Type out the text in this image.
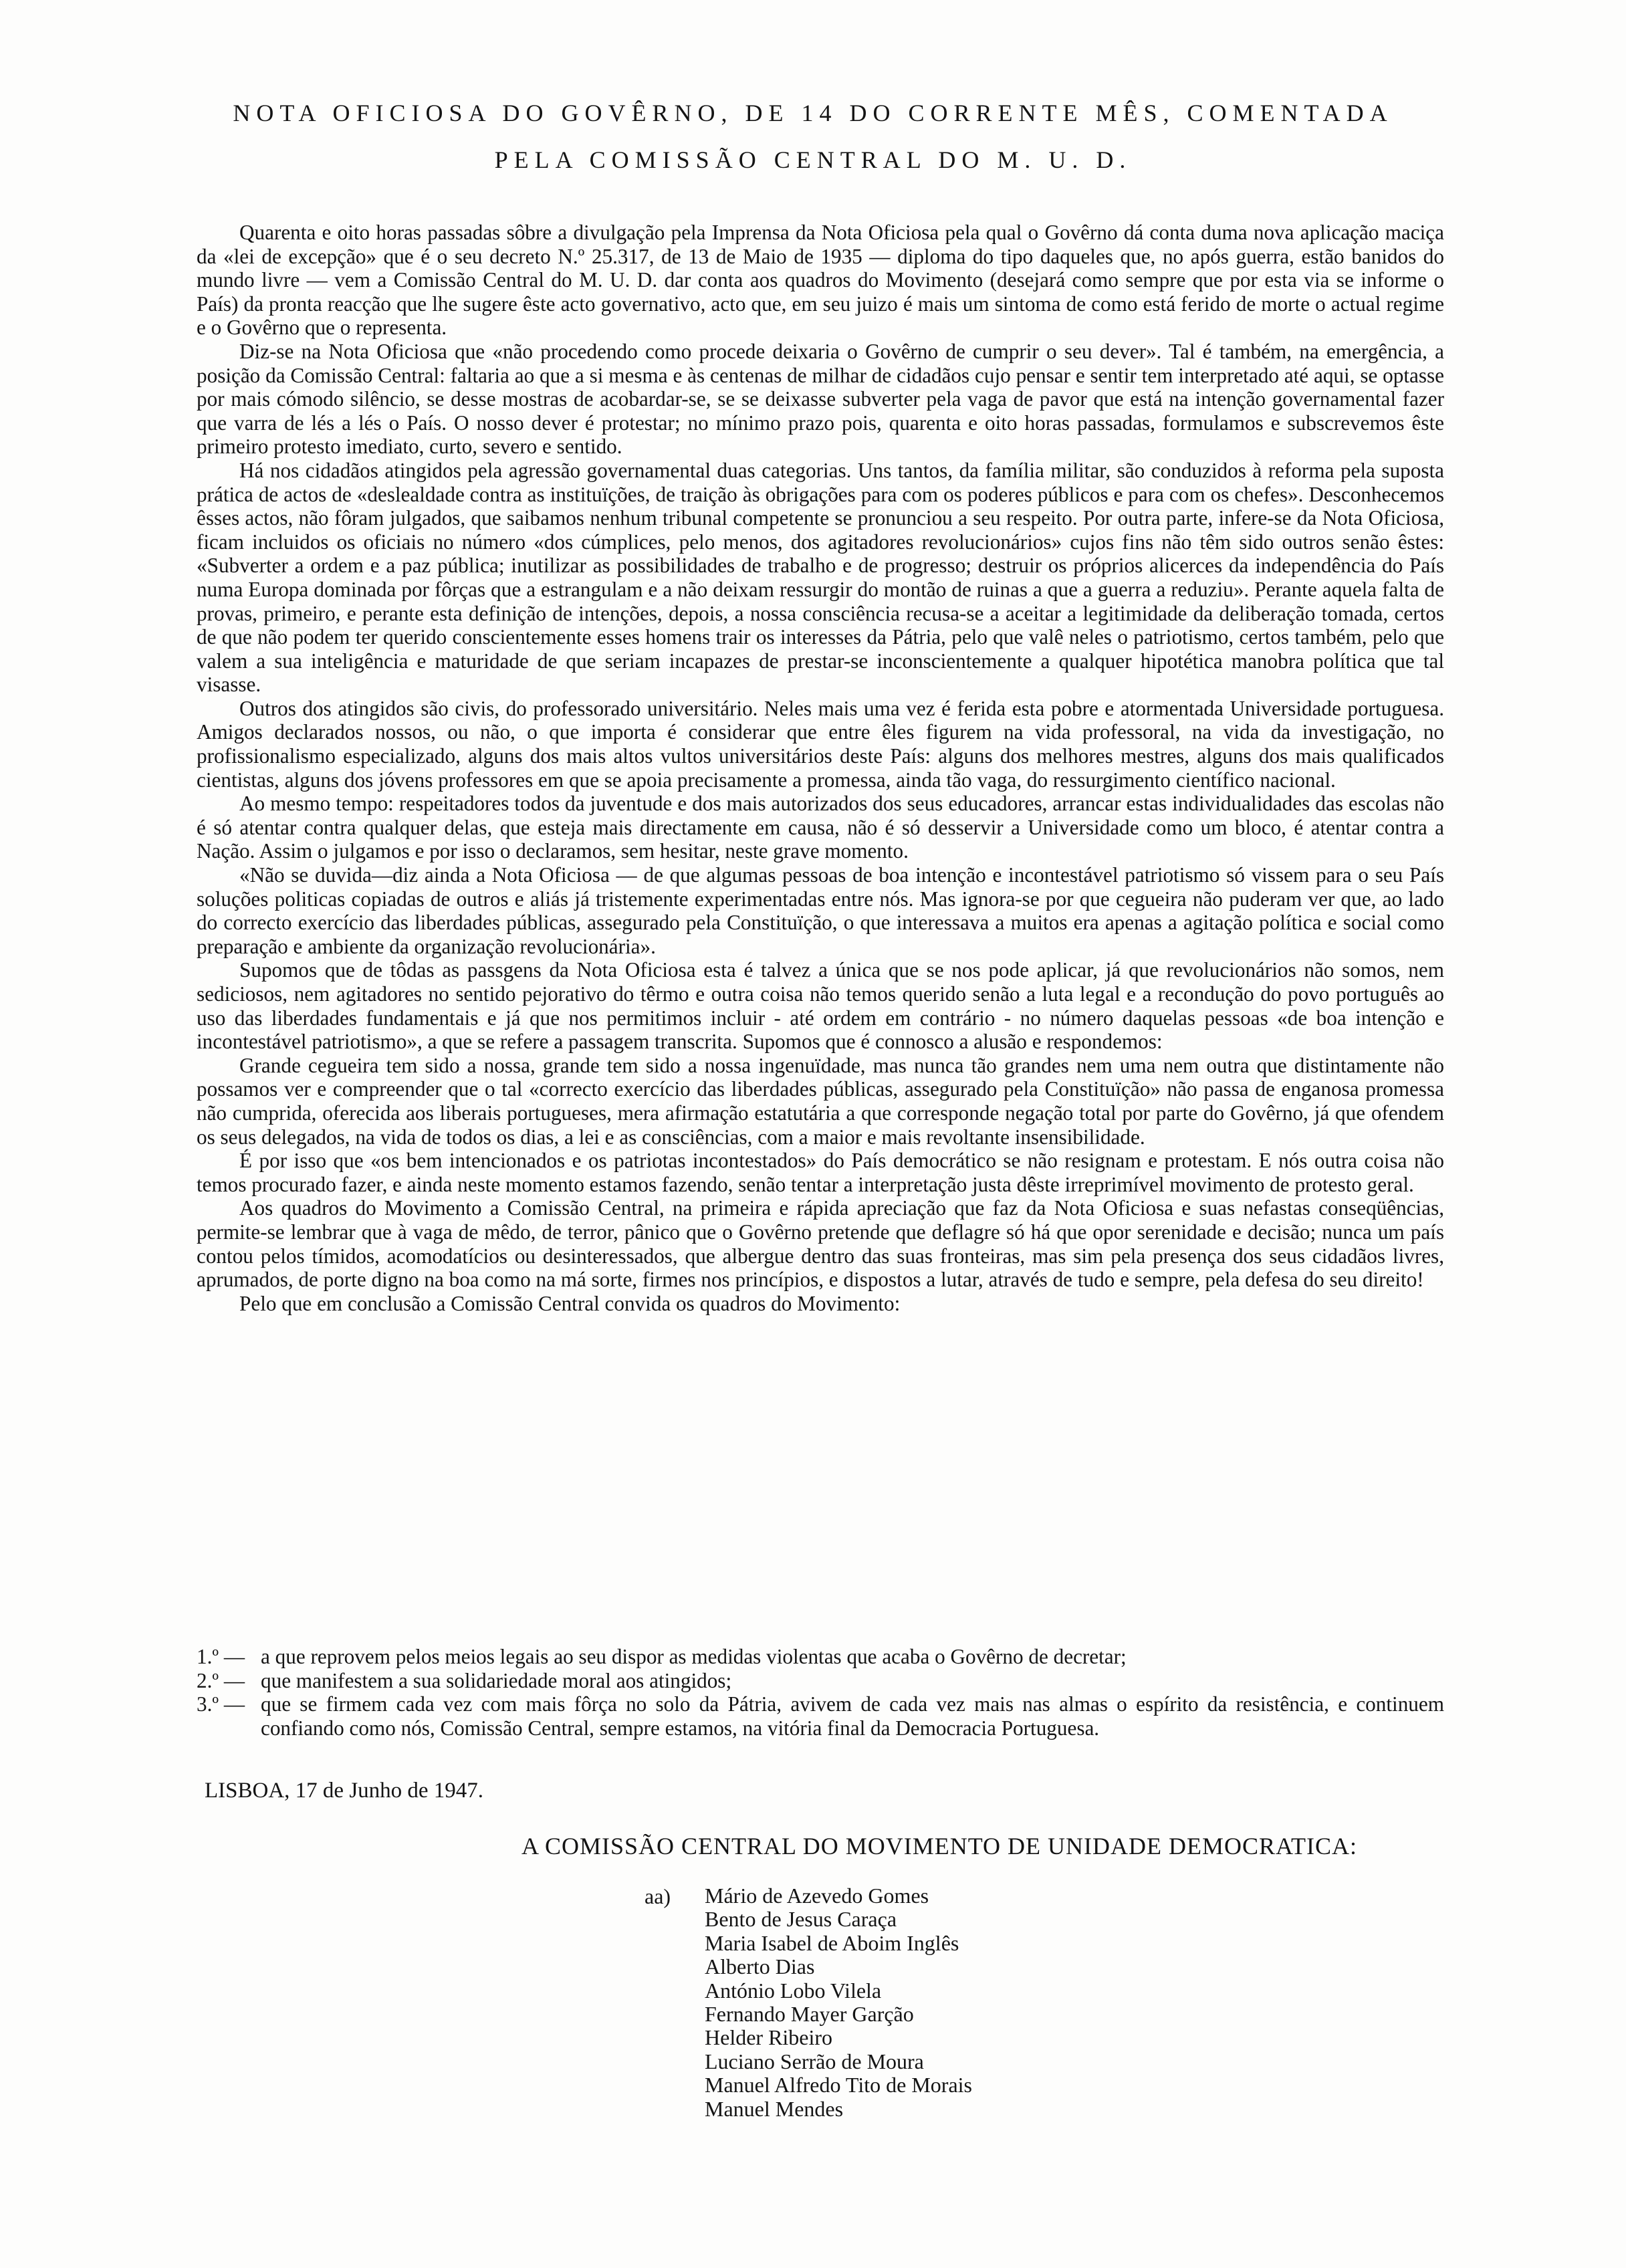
NOTA OFICIOSA DO GOVÊRNO, DE 14 DO CORRENTE MÊS, COMENTADA
PELA COMISSÃO CENTRAL DO M. U. D.

Quarenta e oito horas passadas sôbre a divulgação pela Imprensa da Nota Oficiosa pela qual o Govêrno dá conta duma nova aplicação maciça da «lei de excepção» que é o seu decreto N.º 25.317, de 13 de Maio de 1935 — diploma do tipo daqueles que, no após guerra, estão banidos do mundo livre — vem a Comissão Central do M. U. D. dar conta aos quadros do Movimento (desejará como sempre que por esta via se informe o País) da pronta reacção que lhe sugere êste acto governativo, acto que, em seu juizo é mais um sintoma de como está ferido de morte o actual regime e o Govêrno que o representa.

Diz-se na Nota Oficiosa que «não procedendo como procede deixaria o Govêrno de cumprir o seu dever». Tal é também, na emergência, a posição da Comissão Central: faltaria ao que a si mesma e às centenas de milhar de cidadãos cujo pensar e sentir tem interpretado até aqui, se optasse por mais cómodo silêncio, se desse mostras de acobardar-se, se se deixasse subverter pela vaga de pavor que está na intenção governamental fazer que varra de lés a lés o País. O nosso dever é protestar; no mínimo prazo pois, quarenta e oito horas passadas, formulamos e subscrevemos êste primeiro protesto imediato, curto, severo e sentido.

Há nos cidadãos atingidos pela agressão governamental duas categorias. Uns tantos, da família militar, são conduzidos à reforma pela suposta prática de actos de «deslealdade contra as instituïções, de traição às obrigações para com os poderes públicos e para com os chefes». Desconhecemos êsses actos, não fôram julgados, que saibamos nenhum tribunal competente se pronunciou a seu respeito. Por outra parte, infere-se da Nota Oficiosa, ficam incluidos os oficiais no número «dos cúmplices, pelo menos, dos agitadores revolucionários» cujos fins não têm sido outros senão êstes: «Subverter a ordem e a paz pública; inutilizar as possibilidades de trabalho e de progresso; destruir os próprios alicerces da independência do País numa Europa dominada por fôrças que a estrangulam e a não deixam ressurgir do montão de ruinas a que a guerra a reduziu». Perante aquela falta de provas, primeiro, e perante esta definição de intenções, depois, a nossa consciência recusa-se a aceitar a legitimidade da deliberação tomada, certos de que não podem ter querido conscientemente esses homens trair os interesses da Pátria, pelo que valê neles o patriotismo, certos também, pelo que valem a sua inteligência e maturidade de que seriam incapazes de prestar-se inconscientemente a qualquer hipotética manobra política que tal visasse.

Outros dos atingidos são civis, do professorado universitário. Neles mais uma vez é ferida esta pobre e atormentada Universidade portuguesa. Amigos declarados nossos, ou não, o que importa é considerar que entre êles figurem na vida professoral, na vida da investigação, no profissionalismo especializado, alguns dos mais altos vultos universitários deste País: alguns dos melhores mestres, alguns dos mais qualificados cientistas, alguns dos jóvens professores em que se apoia precisamente a promessa, ainda tão vaga, do ressurgimento científico nacional.

Ao mesmo tempo: respeitadores todos da juventude e dos mais autorizados dos seus educadores, arrancar estas individualidades das escolas não é só atentar contra qualquer delas, que esteja mais directamente em causa, não é só desservir a Universidade como um bloco, é atentar contra a Nação. Assim o julgamos e por isso o declaramos, sem hesitar, neste grave momento.

«Não se duvida—diz ainda a Nota Oficiosa — de que algumas pessoas de boa intenção e incontestável patriotismo só vissem para o seu País soluções politicas copiadas de outros e aliás já tristemente experimentadas entre nós. Mas ignora-se por que cegueira não puderam ver que, ao lado do correcto exercício das liberdades públicas, assegurado pela Constituïção, o que interessava a muitos era apenas a agitação política e social como preparação e ambiente da organização revolucionária».

Supomos que de tôdas as passgens da Nota Oficiosa esta é talvez a única que se nos pode aplicar, já que revolucionários não somos, nem sediciosos, nem agitadores no sentido pejorativo do têrmo e outra coisa não temos querido senão a luta legal e a recondução do povo português ao uso das liberdades fundamentais e já que nos permitimos incluir - até ordem em contrário - no número daquelas pessoas «de boa intenção e incontestável patriotismo», a que se refere a passagem transcrita. Supomos que é connosco a alusão e respondemos:

Grande cegueira tem sido a nossa, grande tem sido a nossa ingenuïdade, mas nunca tão grandes nem uma nem outra que distintamente não possamos ver e compreender que o tal «correcto exercício das liberdades públicas, assegurado pela Constituïção» não passa de enganosa promessa não cumprida, oferecida aos liberais portugueses, mera afirmação estatutária a que corresponde negação total por parte do Govêrno, já que ofendem os seus delegados, na vida de todos os dias, a lei e as consciências, com a maior e mais revoltante insensibilidade.

É por isso que «os bem intencionados e os patriotas incontestados» do País democrático se não resignam e protestam. E nós outra coisa não temos procurado fazer, e ainda neste momento estamos fazendo, senão tentar a interpretação justa dêste irreprimível movimento de protesto geral.

Aos quadros do Movimento a Comissão Central, na primeira e rápida apreciação que faz da Nota Oficiosa e suas nefastas conseqüências, permite-se lembrar que à vaga de mêdo, de terror, pânico que o Govêrno pretende que deflagre só há que opor serenidade e decisão; nunca um país contou pelos tímidos, acomodatícios ou desinteressados, que albergue dentro das suas fronteiras, mas sim pela presença dos seus cidadãos livres, aprumados, de porte digno na boa como na má sorte, firmes nos princípios, e dispostos a lutar, através de tudo e sempre, pela defesa do seu direito!

Pelo que em conclusão a Comissão Central convida os quadros do Movimento:

1.º — a que reprovem pelos meios legais ao seu dispor as medidas violentas que acaba o Govêrno de decretar;
2.º — que manifestem a sua solidariedade moral aos atingidos;
3.º — que se firmem cada vez com mais fôrça no solo da Pátria, avivem de cada vez mais nas almas o espírito da resistência, e continuem confiando como nós, Comissão Central, sempre estamos, na vitória final da Democracia Portuguesa.
LISBOA, 17 de Junho de 1947.
A COMISSÃO CENTRAL DO MOVIMENTO DE UNIDADE DEMOCRATICA:
aa) Mário de Azevedo Gomes
Bento de Jesus Caraça
Maria Isabel de Aboim Inglês
Alberto Dias
António Lobo Vilela
Fernando Mayer Garção
Helder Ribeiro
Luciano Serrão de Moura
Manuel Alfredo Tito de Morais
Manuel Mendes
